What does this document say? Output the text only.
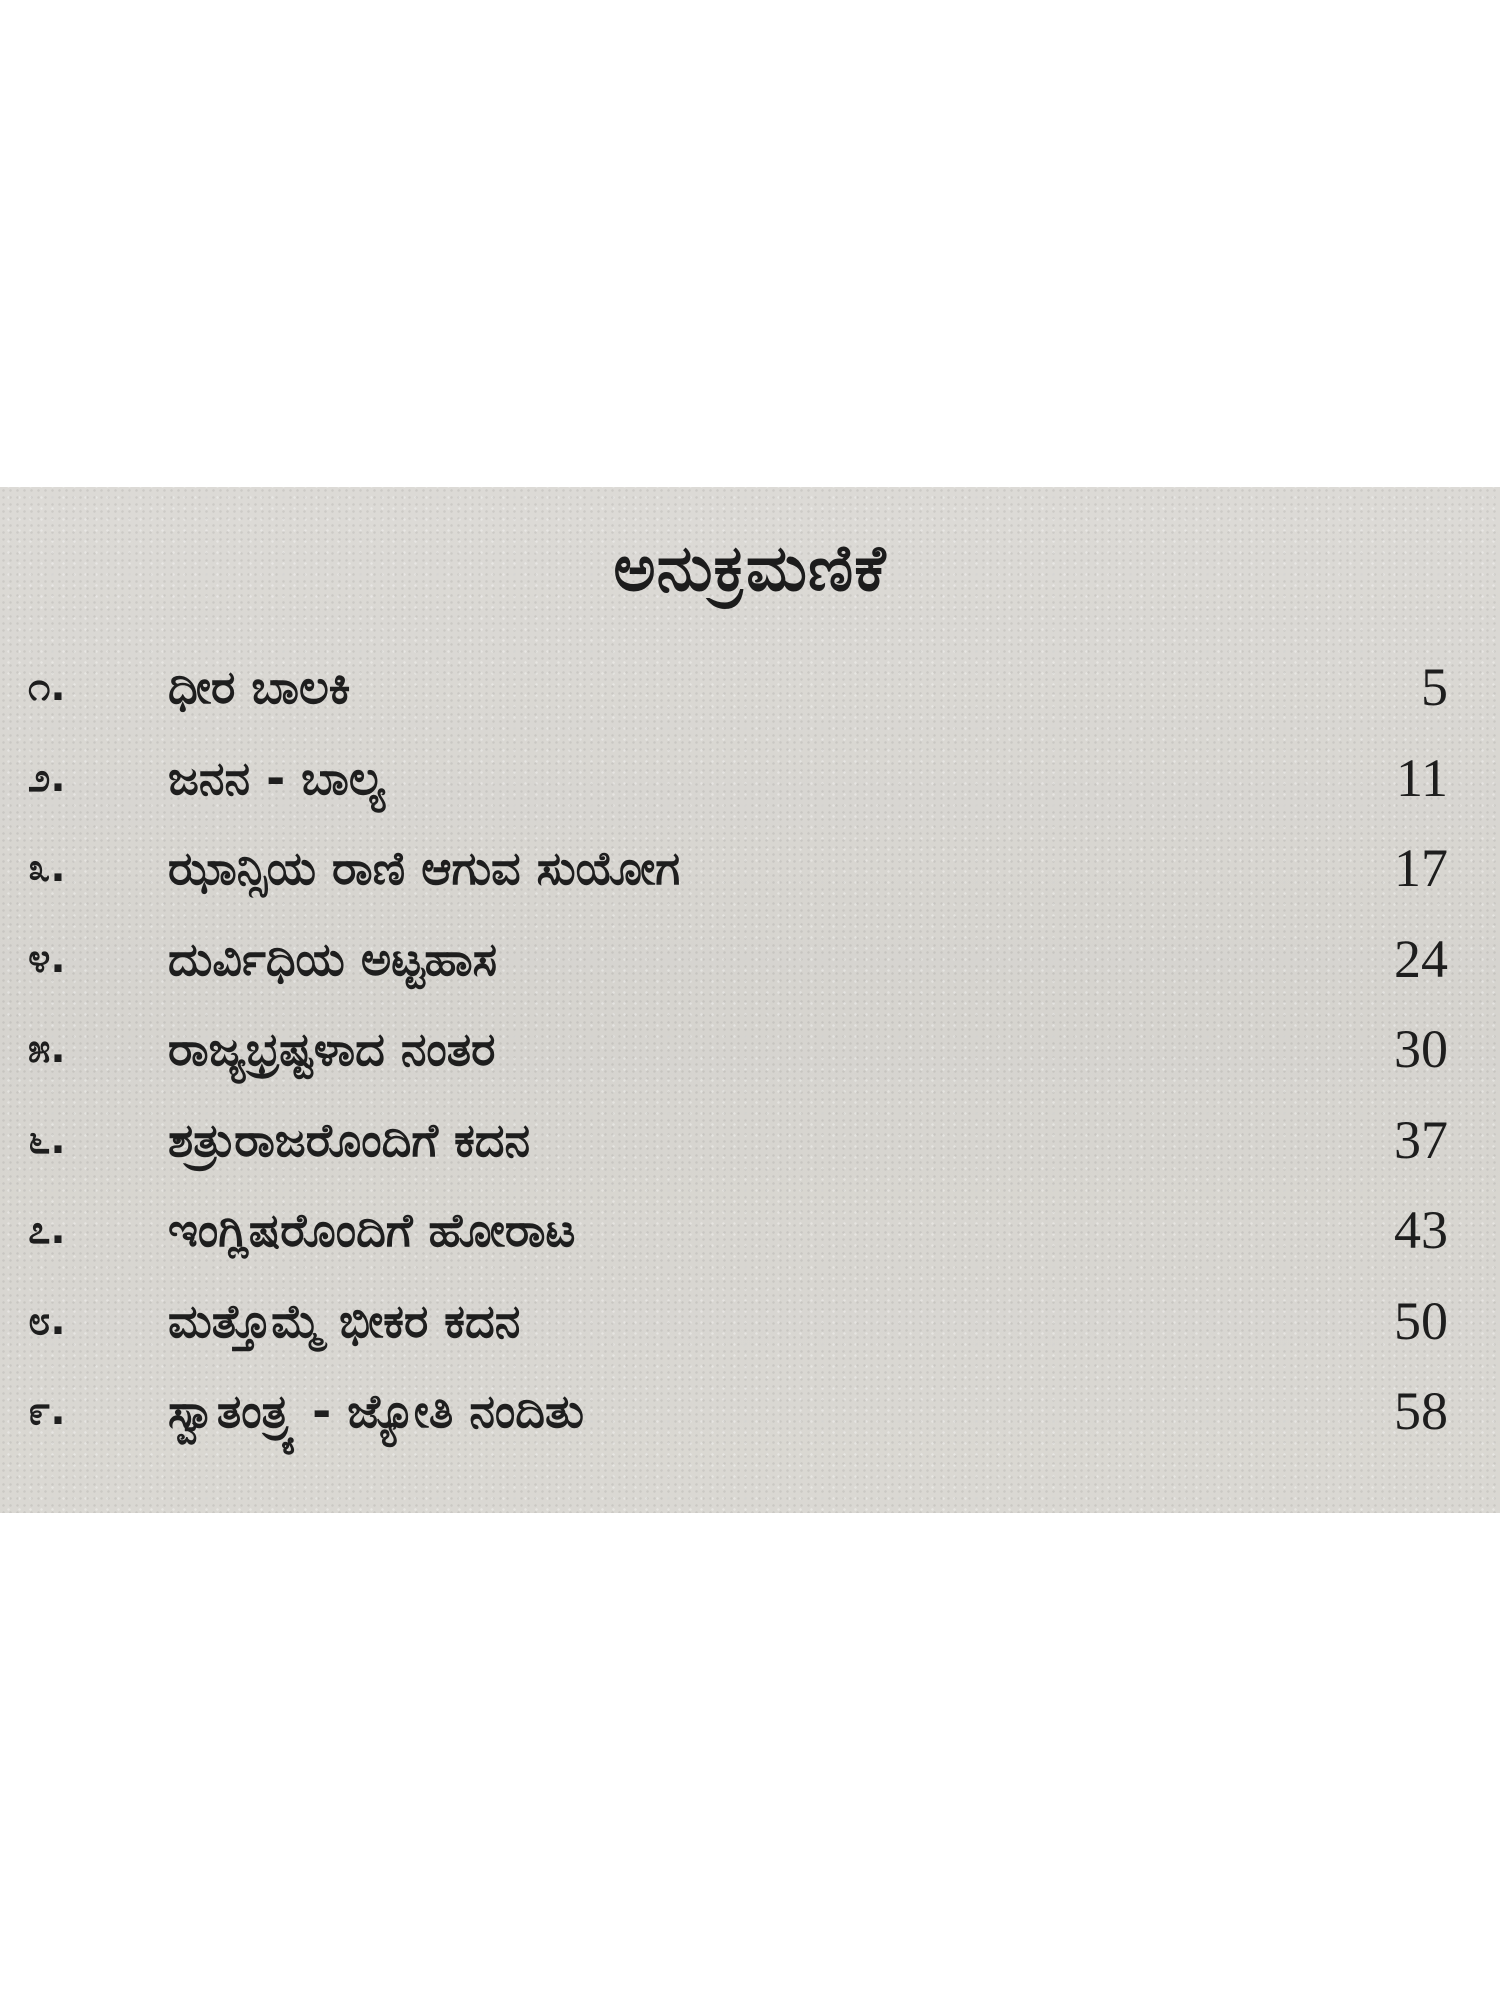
ಅನುಕ್ರಮಣಿಕೆ
೧.	ಧೀರ ಬಾಲಕಿ	5
೨.	ಜನನ - ಬಾಲ್ಯ	11
೩.	ಝಾನ್ಸಿಯ ರಾಣಿ ಆಗುವ ಸುಯೋಗ	17
೪.	ದುರ್ವಿಧಿಯ ಅಟ್ಟಹಾಸ	24
೫.	ರಾಜ್ಯಭ್ರಷ್ಟಳಾದ ನಂತರ	30
೬.	ಶತ್ರುರಾಜರೊಂದಿಗೆ ಕದನ	37
೭.	ಇಂಗ್ಲಿಷರೊಂದಿಗೆ ಹೋರಾಟ	43
೮.	ಮತ್ತೊಮ್ಮೆ ಭೀಕರ ಕದನ	50
೯.	ಸ್ವಾತಂತ್ರ್ಯ - ಜ್ಯೋತಿ ನಂದಿತು	58
